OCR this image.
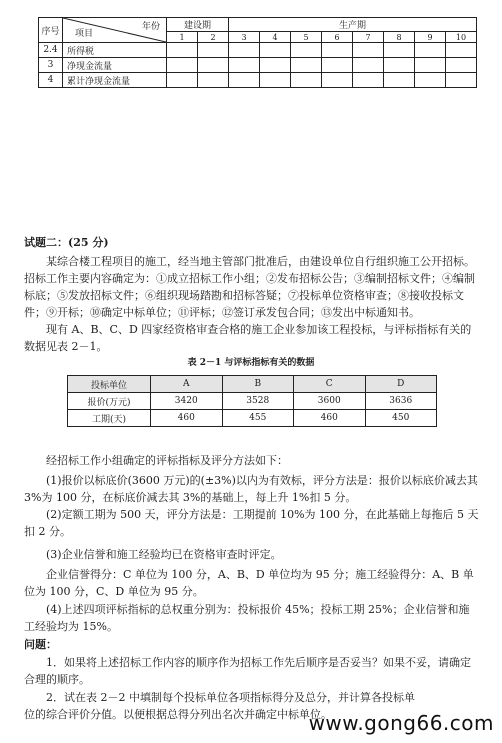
序号	年份
项目	建设期		生产期							
		1	2	3	4	5	6	7	8	9	10
2.4	所得税										
3	净现金流量										
4	累计净现金流量										

试题二：(25 分)

某综合楼工程项目的施工，经当地主管部门批准后，由建设单位自行组织施工公开招标。招标工作主要内容确定为：①成立招标工作小组；②发布招标公告；③编制招标文件；④编制标底；⑤发放招标文件；⑥组织现场踏勘和招标答疑；⑦投标单位资格审查；⑧接收投标文件；⑨开标；⑩确定中标单位；⑪评标；⑫签订承发包合同；⑬发出中标通知书。

现有 A、B、C、D 四家经资格审查合格的施工企业参加该工程投标，与评标指标有关的数据见表 2－1。

表 2－1 与评标指标有关的数据
投标单位	A	B	C	D
报价(万元)	3420	3528	3600	3636
工期(天)	460	455	460	450

经招标工作小组确定的评标指标及评分方法如下：

(1)报价以标底价(3600 万元)的(±3%)以内为有效标，评分方法是：报价以标底价减去其 3%为 100 分，在标底价减去其 3%的基础上，每上升 1%扣 5 分。

(2)定额工期为 500 天，评分方法是：工期提前 10%为 100 分，在此基础上每拖后 5 天扣 2 分。

(3)企业信誉和施工经验均已在资格审查时评定。

企业信誉得分：C 单位为 100 分，A、B、D 单位均为 95 分；施工经验得分：A、B 单位为 100 分，C、D 单位为 95 分。

(4)上述四项评标指标的总权重分别为：投标报价 45%；投标工期 25%；企业信誉和施工经验均为 15%。

问题：

1．如果将上述招标工作内容的顺序作为招标工作先后顺序是否妥当？如果不妥，请确定合理的顺序。

2．试在表 2－2 中填制每个投标单位各项指标得分及总分，并计算各投标单位的综合评价分值。以便根据总得分列出名次并确定中标单位。

www.gong66.com
